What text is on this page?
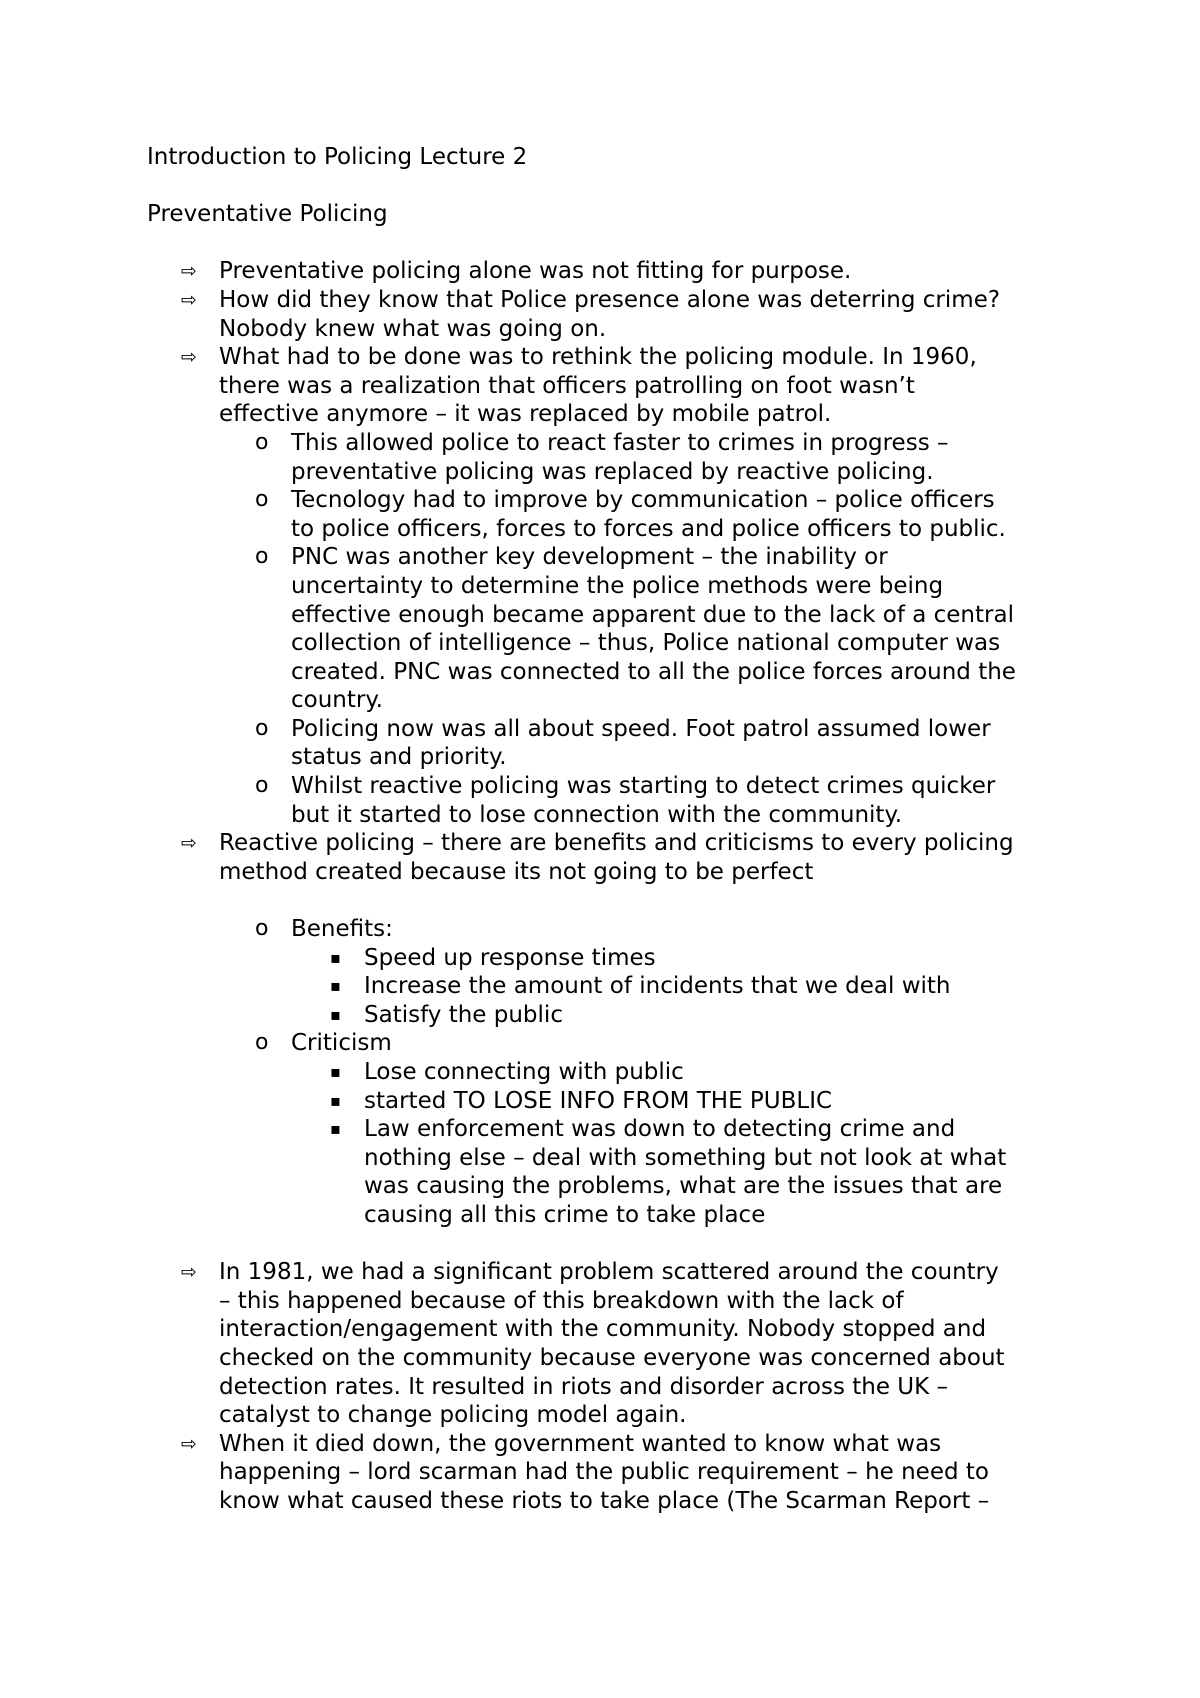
Introduction to Policing Lecture 2

Preventative Policing

⇨ Preventative policing alone was not fitting for purpose.
⇨ How did they know that Police presence alone was deterring crime?
Nobody knew what was going on.
⇨ What had to be done was to rethink the policing module. In 1960,
there was a realization that officers patrolling on foot wasn’t
effective anymore – it was replaced by mobile patrol.
o This allowed police to react faster to crimes in progress –
preventative policing was replaced by reactive policing.
o Tecnology had to improve by communication – police officers
to police officers, forces to forces and police officers to public.
o PNC was another key development – the inability or
uncertainty to determine the police methods were being
effective enough became apparent due to the lack of a central
collection of intelligence – thus, Police national computer was
created. PNC was connected to all the police forces around the
country.
o Policing now was all about speed. Foot patrol assumed lower
status and priority.
o Whilst reactive policing was starting to detect crimes quicker
but it started to lose connection with the community.
⇨ Reactive policing – there are benefits and criticisms to every policing
method created because its not going to be perfect
o Benefits:
▪ Speed up response times
▪ Increase the amount of incidents that we deal with
▪ Satisfy the public
o Criticism
▪ Lose connecting with public
▪ started TO LOSE INFO FROM THE PUBLIC
▪ Law enforcement was down to detecting crime and
nothing else – deal with something but not look at what
was causing the problems, what are the issues that are
causing all this crime to take place
⇨ In 1981, we had a significant problem scattered around the country
– this happened because of this breakdown with the lack of
interaction/engagement with the community. Nobody stopped and
checked on the community because everyone was concerned about
detection rates. It resulted in riots and disorder across the UK –
catalyst to change policing model again.
⇨ When it died down, the government wanted to know what was
happening – lord scarman had the public requirement – he need to
know what caused these riots to take place (The Scarman Report –
